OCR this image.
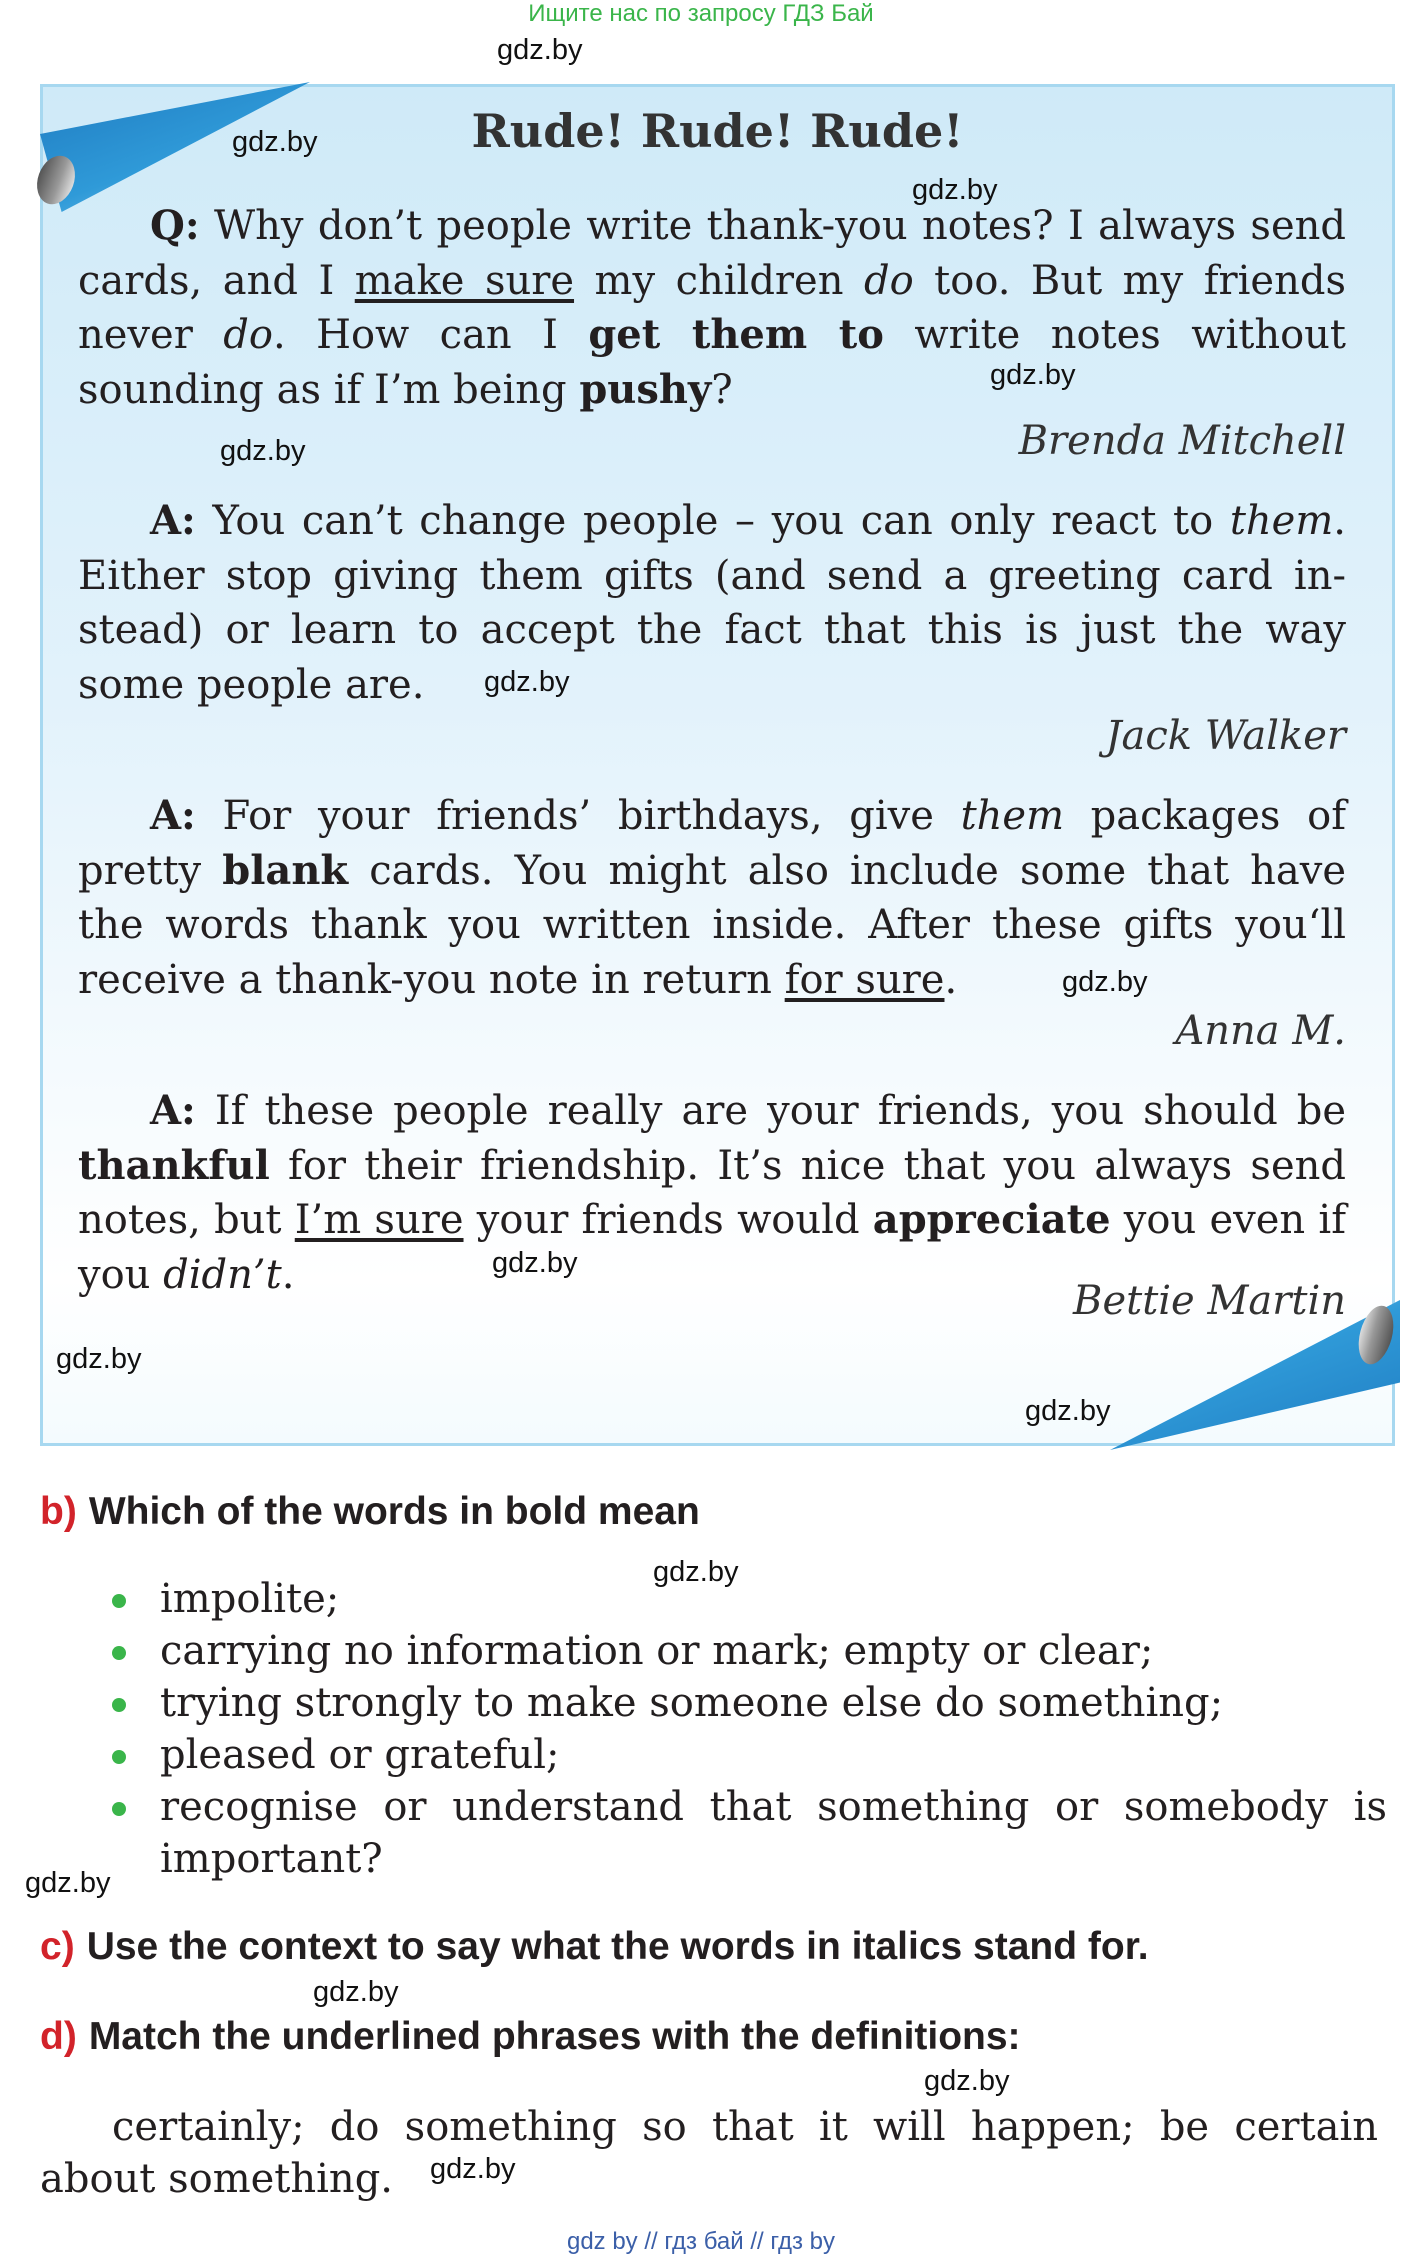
Ищите нас по запросу ГДЗ Бай
gdz.by
Rude! Rude! Rude!
Q: Why don’t people write thank-you notes? I always send cards, and I make sure my children do too. But my friends never do. How can I get them to write notes without sounding as if I’m being pushy?
Brenda Mitchell
A: You can’t change people – you can only react to them. Either stop giving them gifts (and send a greeting card in-stead) or learn to accept the fact that this is just the way some people are.
Jack Walker
A: For your friends’ birthdays, give them packages of pretty blank cards. You might also include some that have the words thank you written inside. After these gifts you‘ll receive a thank-you note in return for sure.
Anna M.
A: If these people really are your friends, you should be thankful for their friendship. It’s nice that you always send notes, but I’m sure your friends would appreciate you even if you didn’t.
Bettie Martin
gdz.by
gdz.by
gdz.by
gdz.by
gdz.by
gdz.by
gdz.by
gdz.by
gdz.by
b) Which of the words in bold mean
gdz.by
impolite;
carrying no information or mark; empty or clear;
trying strongly to make someone else do something;
pleased or grateful;
recognise or understand that something or somebody is important?
gdz.by
c) Use the context to say what the words in italics stand for.
gdz.by
d) Match the underlined phrases with the definitions:
gdz.by
certainly; do something so that it will happen; be certain about something.	gdz.by
gdz by // гдз бай // гдз by
